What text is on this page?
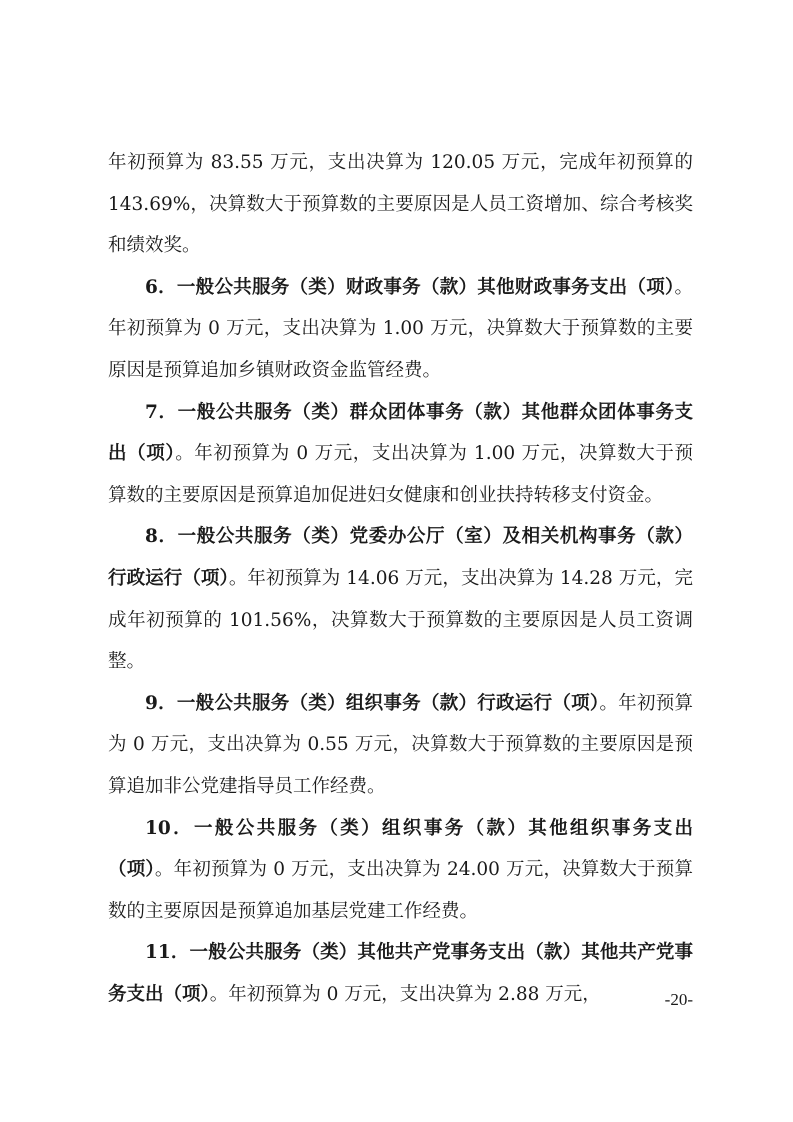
年初预算为 83.55 万元，支出决算为 120.05 万元，完成年初预算的 143.69%，决算数大于预算数的主要原因是人员工资增加、综合考核奖和绩效奖。

6．一般公共服务（类）财政事务（款）其他财政事务支出（项）。年初预算为 0 万元，支出决算为 1.00 万元，决算数大于预算数的主要原因是预算追加乡镇财政资金监管经费。

7．一般公共服务（类）群众团体事务（款）其他群众团体事务支出（项）。年初预算为 0 万元，支出决算为 1.00 万元，决算数大于预算数的主要原因是预算追加促进妇女健康和创业扶持转移支付资金。

8．一般公共服务（类）党委办公厅（室）及相关机构事务（款）行政运行（项）。年初预算为 14.06 万元，支出决算为 14.28 万元，完成年初预算的 101.56%，决算数大于预算数的主要原因是人员工资调整。

9．一般公共服务（类）组织事务（款）行政运行（项）。年初预算为 0 万元，支出决算为 0.55 万元，决算数大于预算数的主要原因是预算追加非公党建指导员工作经费。

10．一般公共服务（类）组织事务（款）其他组织事务支出（项）。年初预算为 0 万元，支出决算为 24.00 万元，决算数大于预算数的主要原因是预算追加基层党建工作经费。

11．一般公共服务（类）其他共产党事务支出（款）其他共产党事务支出（项）。年初预算为 0 万元，支出决算为 2.88 万元，	-20-
